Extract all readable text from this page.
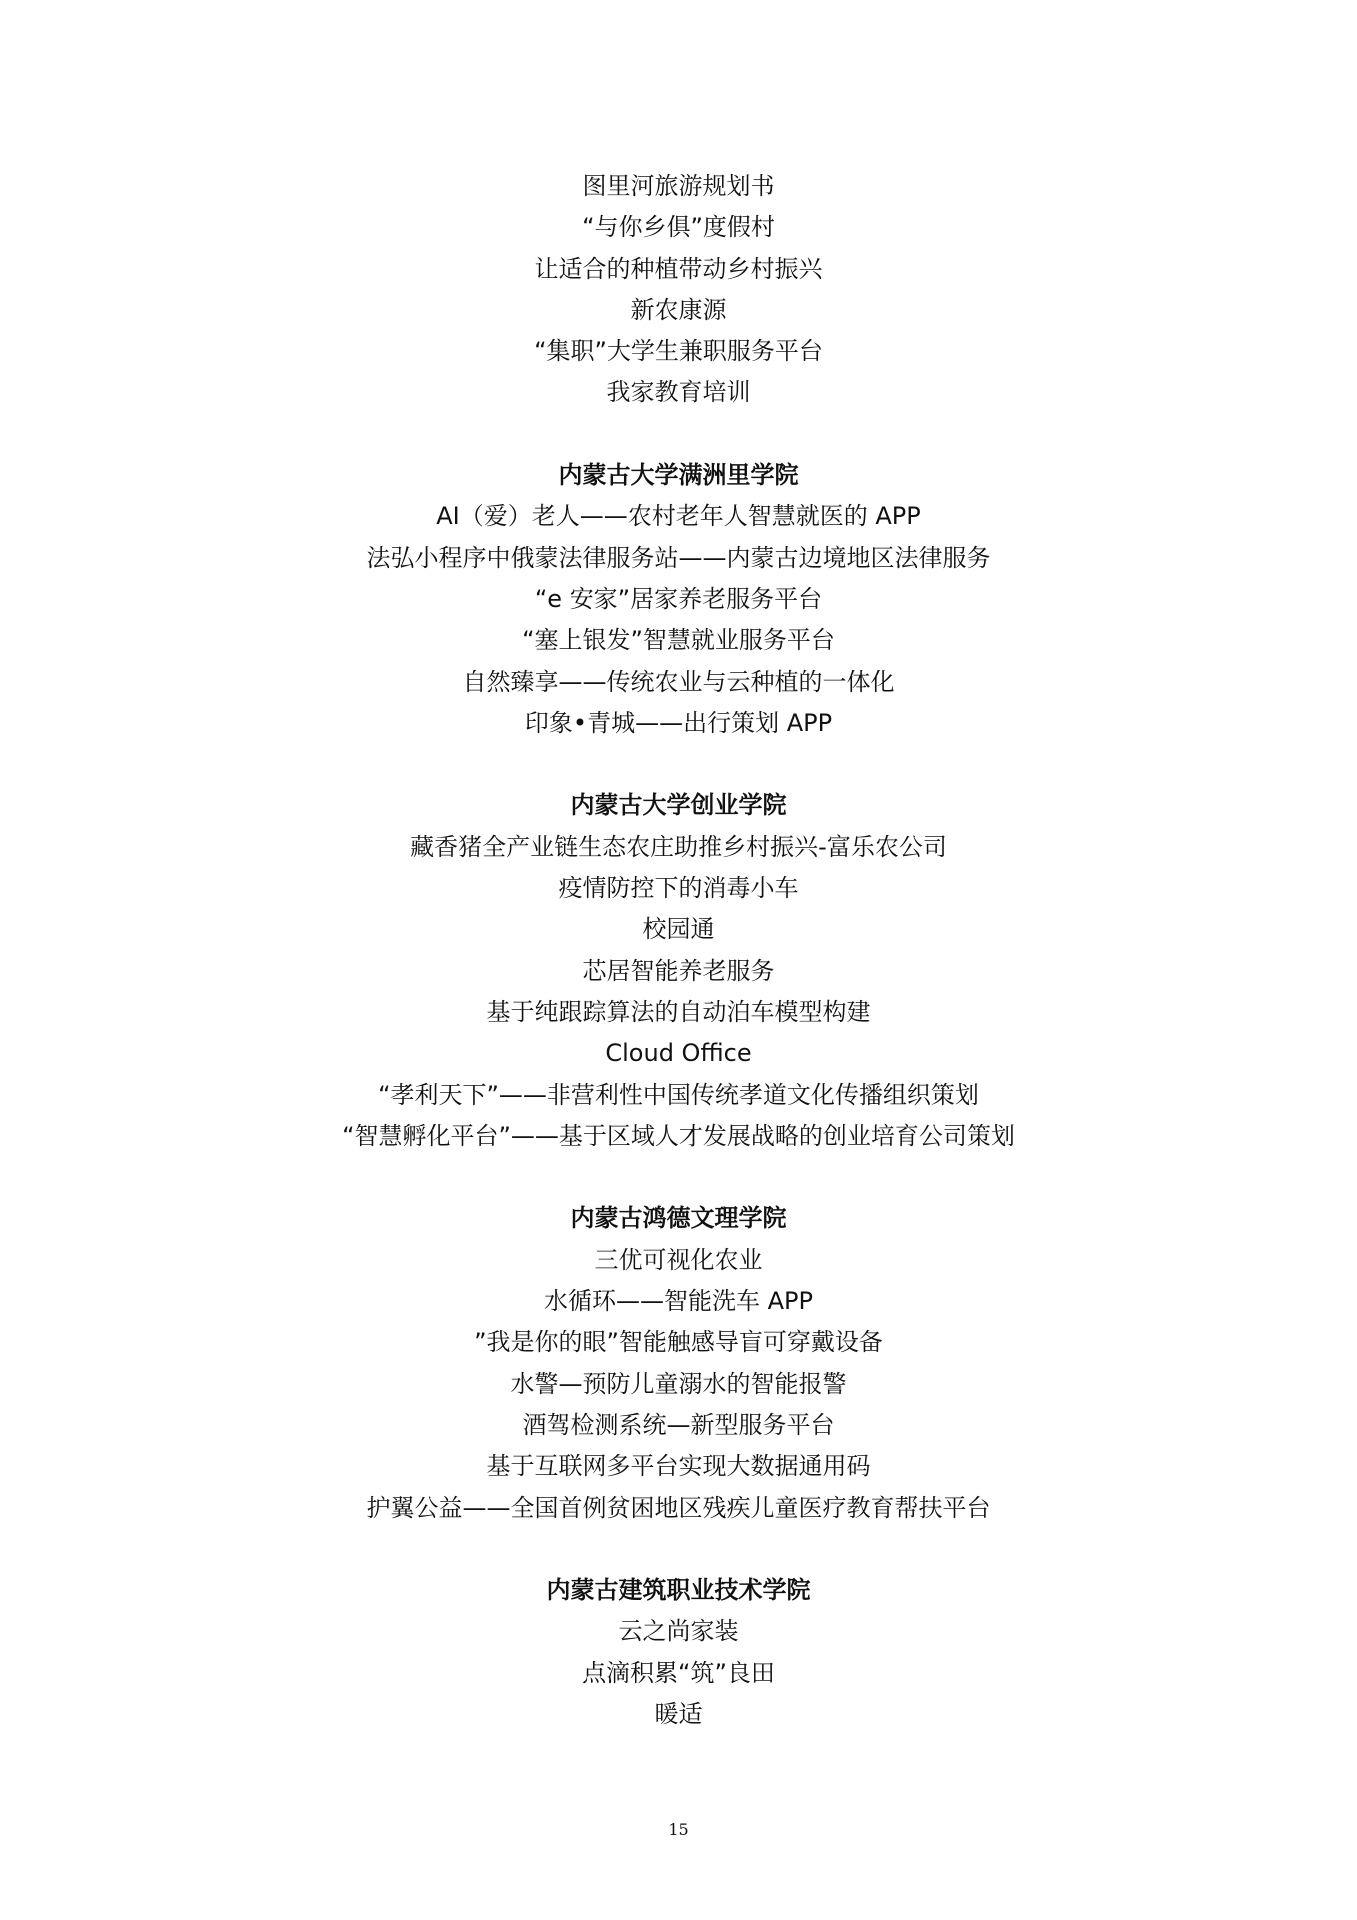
图里河旅游规划书
“与你乡俱”度假村
让适合的种植带动乡村振兴
新农康源
“集职”大学生兼职服务平台
我家教育培训
内蒙古大学满洲里学院
AI（爱）老人——农村老年人智慧就医的 APP
法弘小程序中俄蒙法律服务站——内蒙古边境地区法律服务
“e 安家”居家养老服务平台
“塞上银发”智慧就业服务平台
自然臻享——传统农业与云种植的一体化
印象•青城——出行策划 APP
内蒙古大学创业学院
藏香猪全产业链生态农庄助推乡村振兴-富乐农公司
疫情防控下的消毒小车
校园通
芯居智能养老服务
基于纯跟踪算法的自动泊车模型构建
Cloud Office
“孝利天下”——非营利性中国传统孝道文化传播组织策划
“智慧孵化平台”——基于区域人才发展战略的创业培育公司策划
内蒙古鸿德文理学院
三优可视化农业
水循环——智能洗车 APP
”我是你的眼”智能触感导盲可穿戴设备
水警—预防儿童溺水的智能报警
酒驾检测系统—新型服务平台
基于互联网多平台实现大数据通用码
护翼公益——全国首例贫困地区残疾儿童医疗教育帮扶平台
内蒙古建筑职业技术学院
云之尚家装
点滴积累“筑”良田
暖适
15
